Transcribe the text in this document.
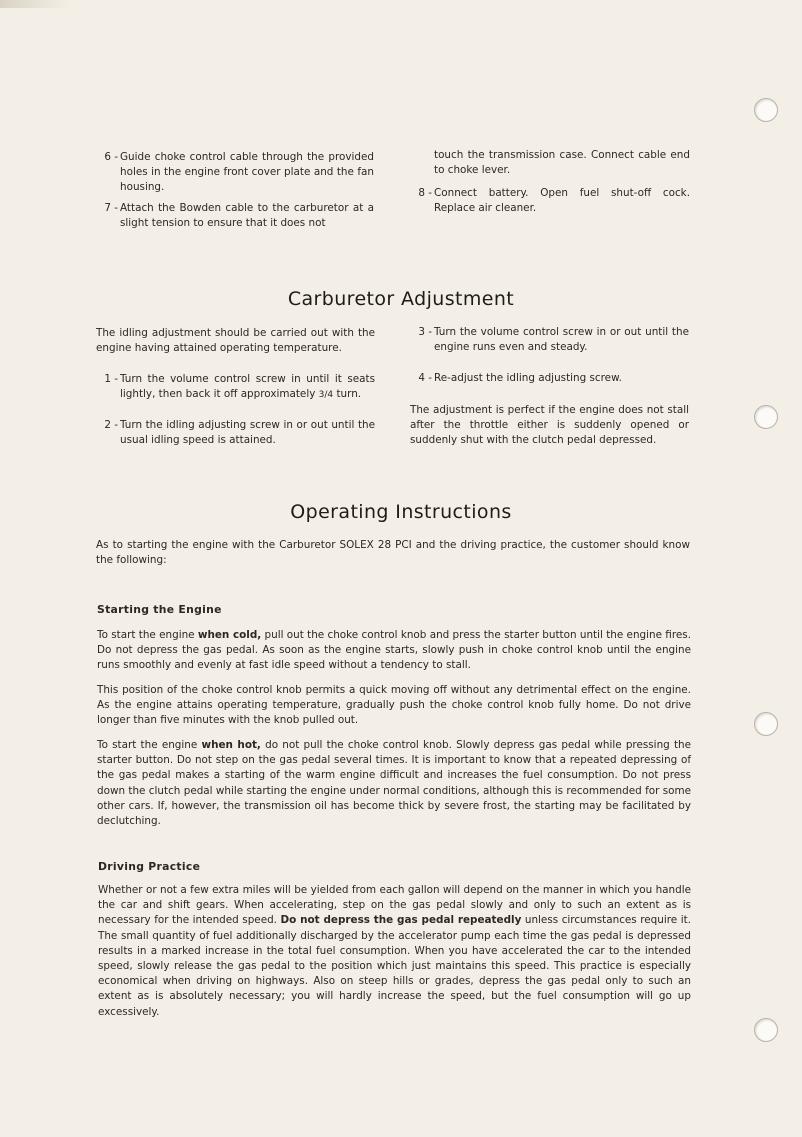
6 - Guide choke control cable through the provided holes in the engine front cover plate and the fan housing.
7 - Attach the Bowden cable to the carburetor at a slight tension to ensure that it does not
touch the transmission case. Connect cable end to choke lever.
8 - Connect battery. Open fuel shut-off cock. Replace air cleaner.
Carburetor Adjustment
The idling adjustment should be carried out with the engine having attained operating temperature.
1 - Turn the volume control screw in until it seats lightly, then back it off approximately 3/4 turn.
2 - Turn the idling adjusting screw in or out until the usual idling speed is attained.
3 - Turn the volume control screw in or out until the engine runs even and steady.
4 - Re-adjust the idling adjusting screw.
The adjustment is perfect if the engine does not stall after the throttle either is suddenly opened or suddenly shut with the clutch pedal depressed.
Operating Instructions
As to starting the engine with the Carburetor SOLEX 28 PCI and the driving practice, the customer should know the following:
Starting the Engine
To start the engine when cold, pull out the choke control knob and press the starter button until the engine fires. Do not depress the gas pedal. As soon as the engine starts, slowly push in choke control knob until the engine runs smoothly and evenly at fast idle speed without a tendency to stall.
This position of the choke control knob permits a quick moving off without any detrimental effect on the engine. As the engine attains operating temperature, gradually push the choke control knob fully home. Do not drive longer than five minutes with the knob pulled out.
To start the engine when hot, do not pull the choke control knob. Slowly depress gas pedal while pressing the starter button. Do not step on the gas pedal several times. It is important to know that a repeated depressing of the gas pedal makes a starting of the warm engine difficult and increases the fuel consumption. Do not press down the clutch pedal while starting the engine under normal conditions, although this is recommended for some other cars. If, however, the transmission oil has become thick by severe frost, the starting may be facilitated by declutching.
Driving Practice
Whether or not a few extra miles will be yielded from each gallon will depend on the manner in which you handle the car and shift gears. When accelerating, step on the gas pedal slowly and only to such an extent as is necessary for the intended speed. Do not depress the gas pedal repeatedly unless circumstances require it. The small quantity of fuel additionally discharged by the accelerator pump each time the gas pedal is depressed results in a marked increase in the total fuel consumption. When you have accelerated the car to the intended speed, slowly release the gas pedal to the position which just maintains this speed. This practice is especially economical when driving on highways. Also on steep hills or grades, depress the gas pedal only to such an extent as is absolutely necessary; you will hardly increase the speed, but the fuel consumption will go up excessively.
